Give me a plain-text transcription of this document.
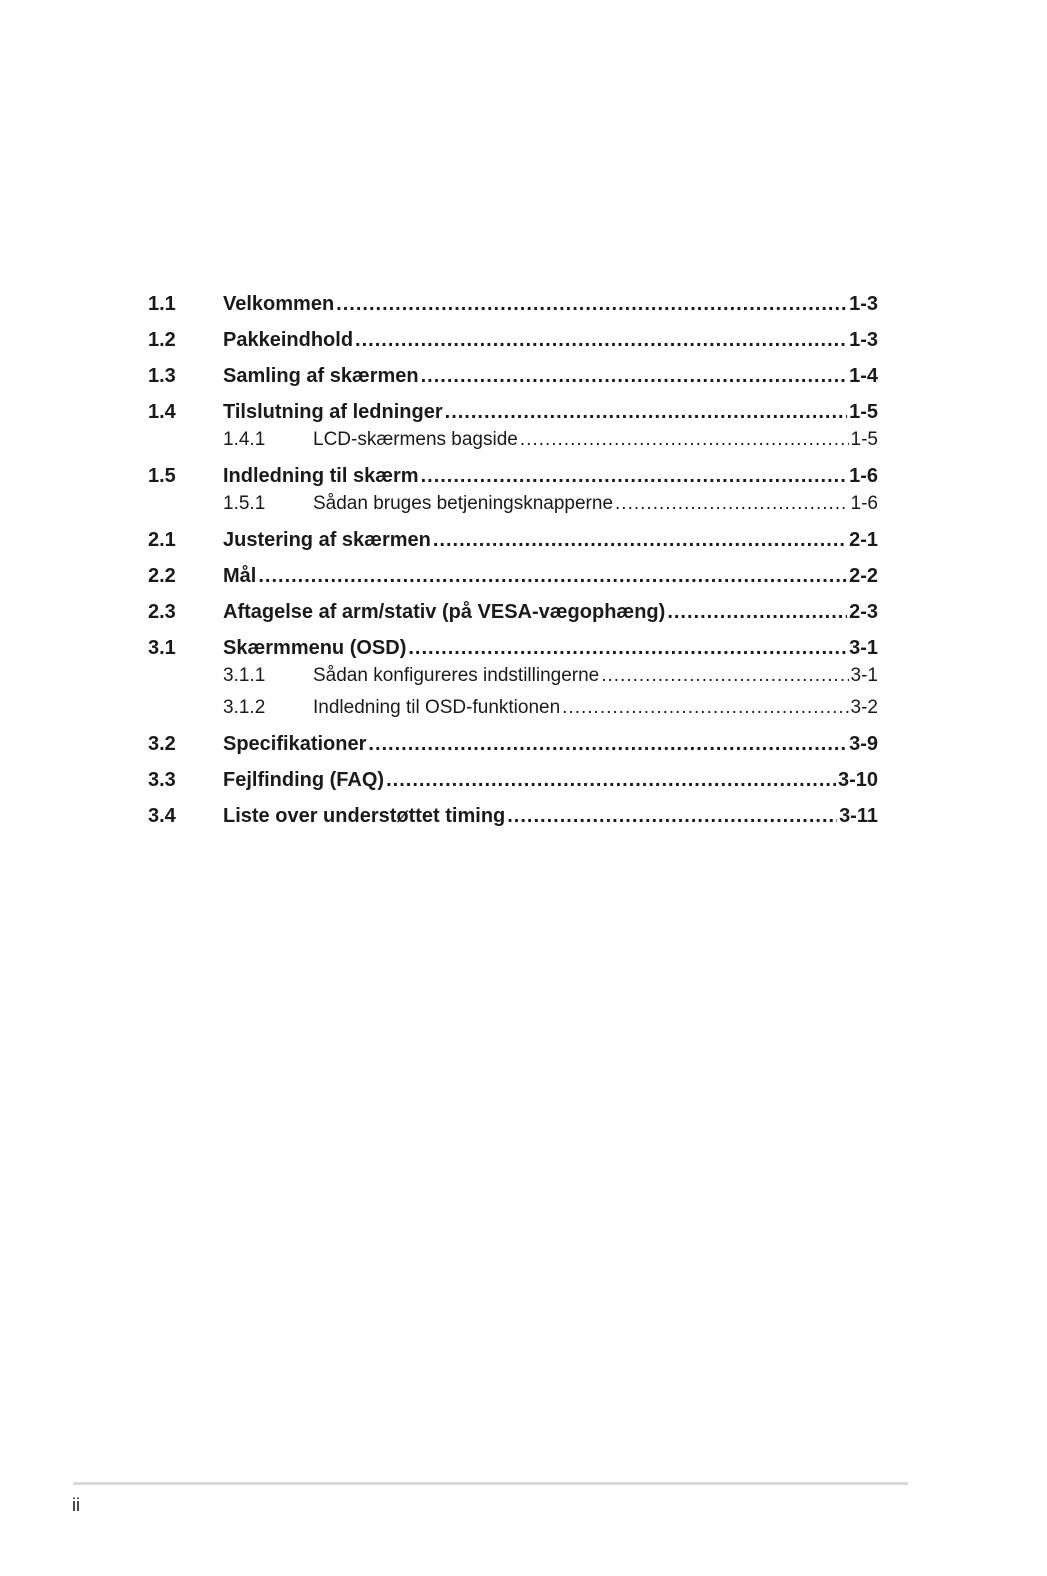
1.1	Velkommen .....	1-3
1.2	Pakkeindhold .....	1-3
1.3	Samling af skærmen .....	1-4
1.4	Tilslutning af ledninger .....	1-5
1.4.1	LCD-skærmens bagside .....	1-5
1.5	Indledning til skærm .....	1-6
1.5.1	Sådan bruges betjeningsknapperne .....	1-6
2.1	Justering af skærmen .....	2-1
2.2	Mål .....	2-2
2.3	Aftagelse af arm/stativ (på VESA-vægophæng) .....	2-3
3.1	Skærmmenu (OSD) .....	3-1
3.1.1	Sådan konfigureres indstillingerne .....	3-1
3.1.2	Indledning til OSD-funktionen .....	3-2
3.2	Specifikationer .....	3-9
3.3	Fejlfinding (FAQ) .....	3-10
3.4	Liste over understøttet timing .....	3-11
ii
